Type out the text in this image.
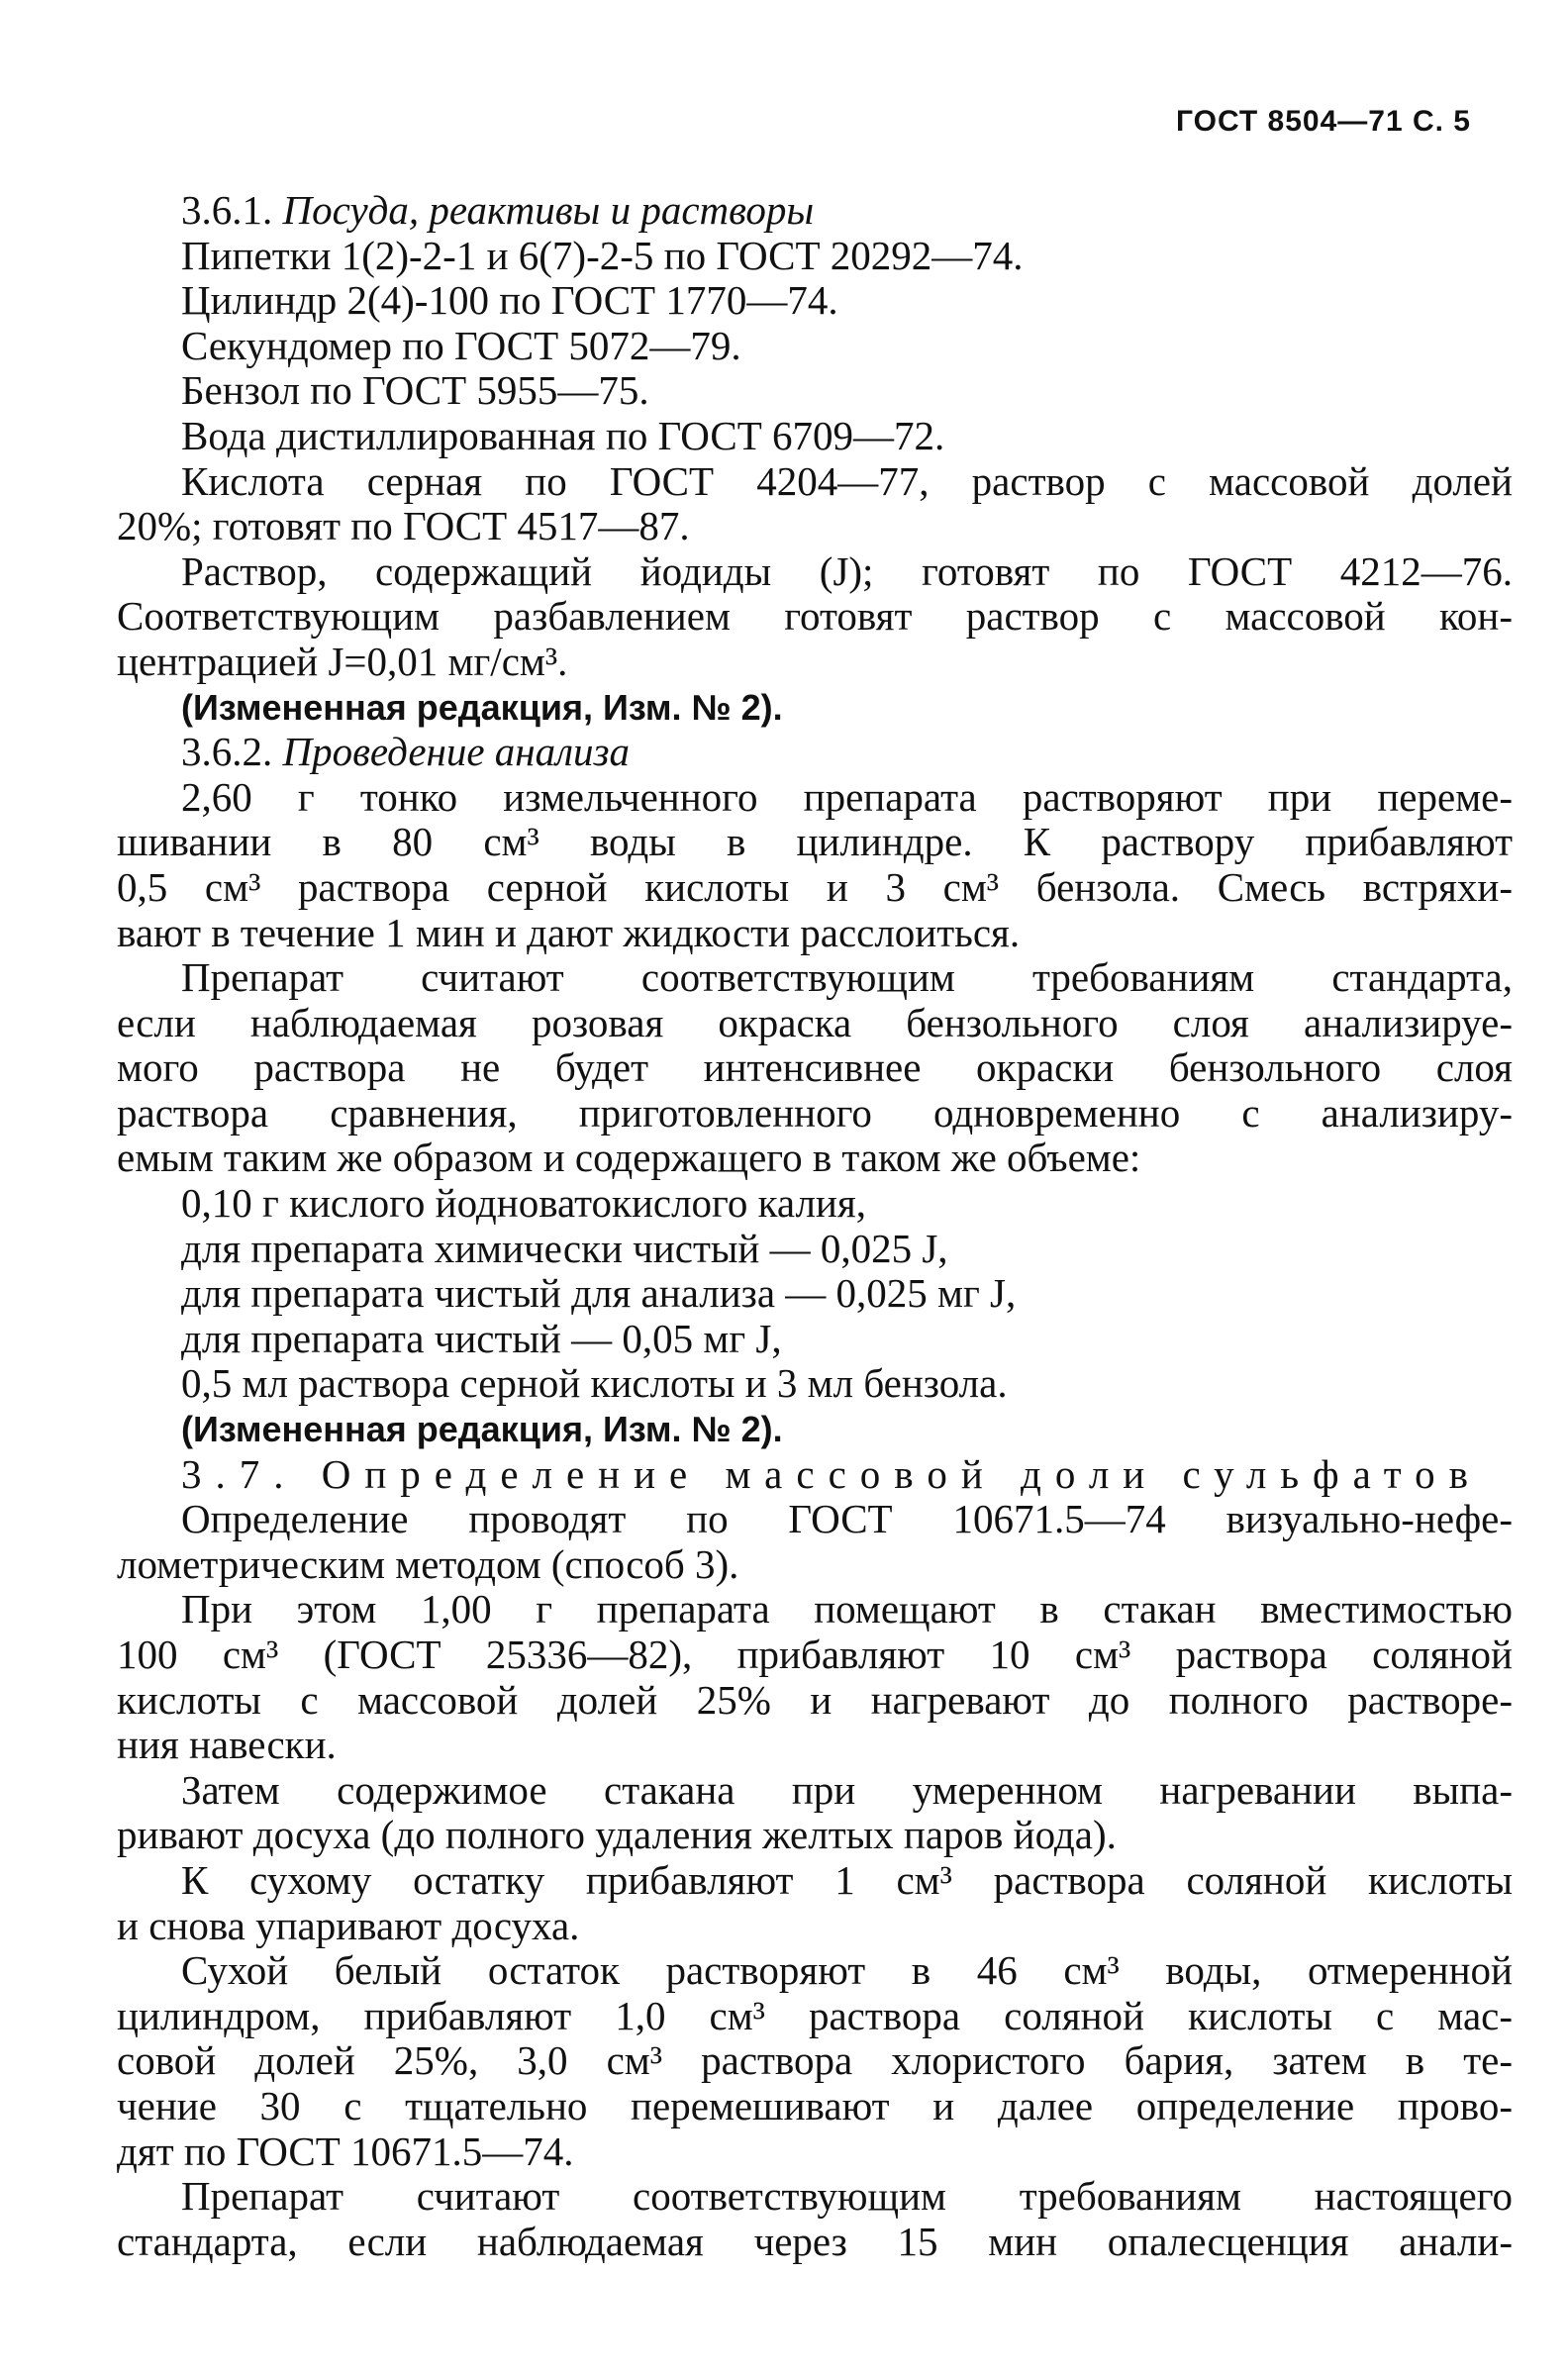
ГОСТ 8504—71 С. 5
3.6.1. Посуда, реактивы и растворы
Пипетки 1(2)-2-1 и 6(7)-2-5 по ГОСТ 20292—74.
Цилиндр 2(4)-100 по ГОСТ 1770—74.
Секундомер по ГОСТ 5072—79.
Бензол по ГОСТ 5955—75.
Вода дистиллированная по ГОСТ 6709—72.
Кислота серная по ГОСТ 4204—77, раствор с массовой долей
20%; готовят по ГОСТ 4517—87.
Раствор, содержащий йодиды (J); готовят по ГОСТ 4212—76.
Соответствующим разбавлением готовят раствор с массовой кон-
центрацией J=0,01 мг/см³.
(Измененная редакция, Изм. № 2).
3.6.2. Проведение анализа
2,60 г тонко измельченного препарата растворяют при переме-
шивании в 80 см³ воды в цилиндре. К раствору прибавляют
0,5 см³ раствора серной кислоты и 3 см³ бензола. Смесь встряхи-
вают в течение 1 мин и дают жидкости расслоиться.
Препарат считают соответствующим требованиям стандарта,
если наблюдаемая розовая окраска бензольного слоя анализируе-
мого раствора не будет интенсивнее окраски бензольного слоя
раствора сравнения, приготовленного одновременно с анализиру-
емым таким же образом и содержащего в таком же объеме:
0,10 г кислого йодноватокислого калия,
для препарата химически чистый — 0,025 J,
для препарата чистый для анализа — 0,025 мг J,
для препарата чистый — 0,05 мг J,
0,5 мл раствора серной кислоты и 3 мл бензола.
(Измененная редакция, Изм. № 2).
3.7. Определение массовой доли сульфатов
Определение проводят по ГОСТ 10671.5—74 визуально-нефе-
лометрическим методом (способ 3).
При этом 1,00 г препарата помещают в стакан вместимостью
100 см³ (ГОСТ 25336—82), прибавляют 10 см³ раствора соляной
кислоты с массовой долей 25% и нагревают до полного растворе-
ния навески.
Затем содержимое стакана при умеренном нагревании выпа-
ривают досуха (до полного удаления желтых паров йода).
К сухому остатку прибавляют 1 см³ раствора соляной кислоты
и снова упаривают досуха.
Сухой белый остаток растворяют в 46 см³ воды, отмеренной
цилиндром, прибавляют 1,0 см³ раствора соляной кислоты с мас-
совой долей 25%, 3,0 см³ раствора хлористого бария, затем в те-
чение 30 с тщательно перемешивают и далее определение прово-
дят по ГОСТ 10671.5—74.
Препарат считают соответствующим требованиям настоящего
стандарта, если наблюдаемая через 15 мин опалесценция анали-
